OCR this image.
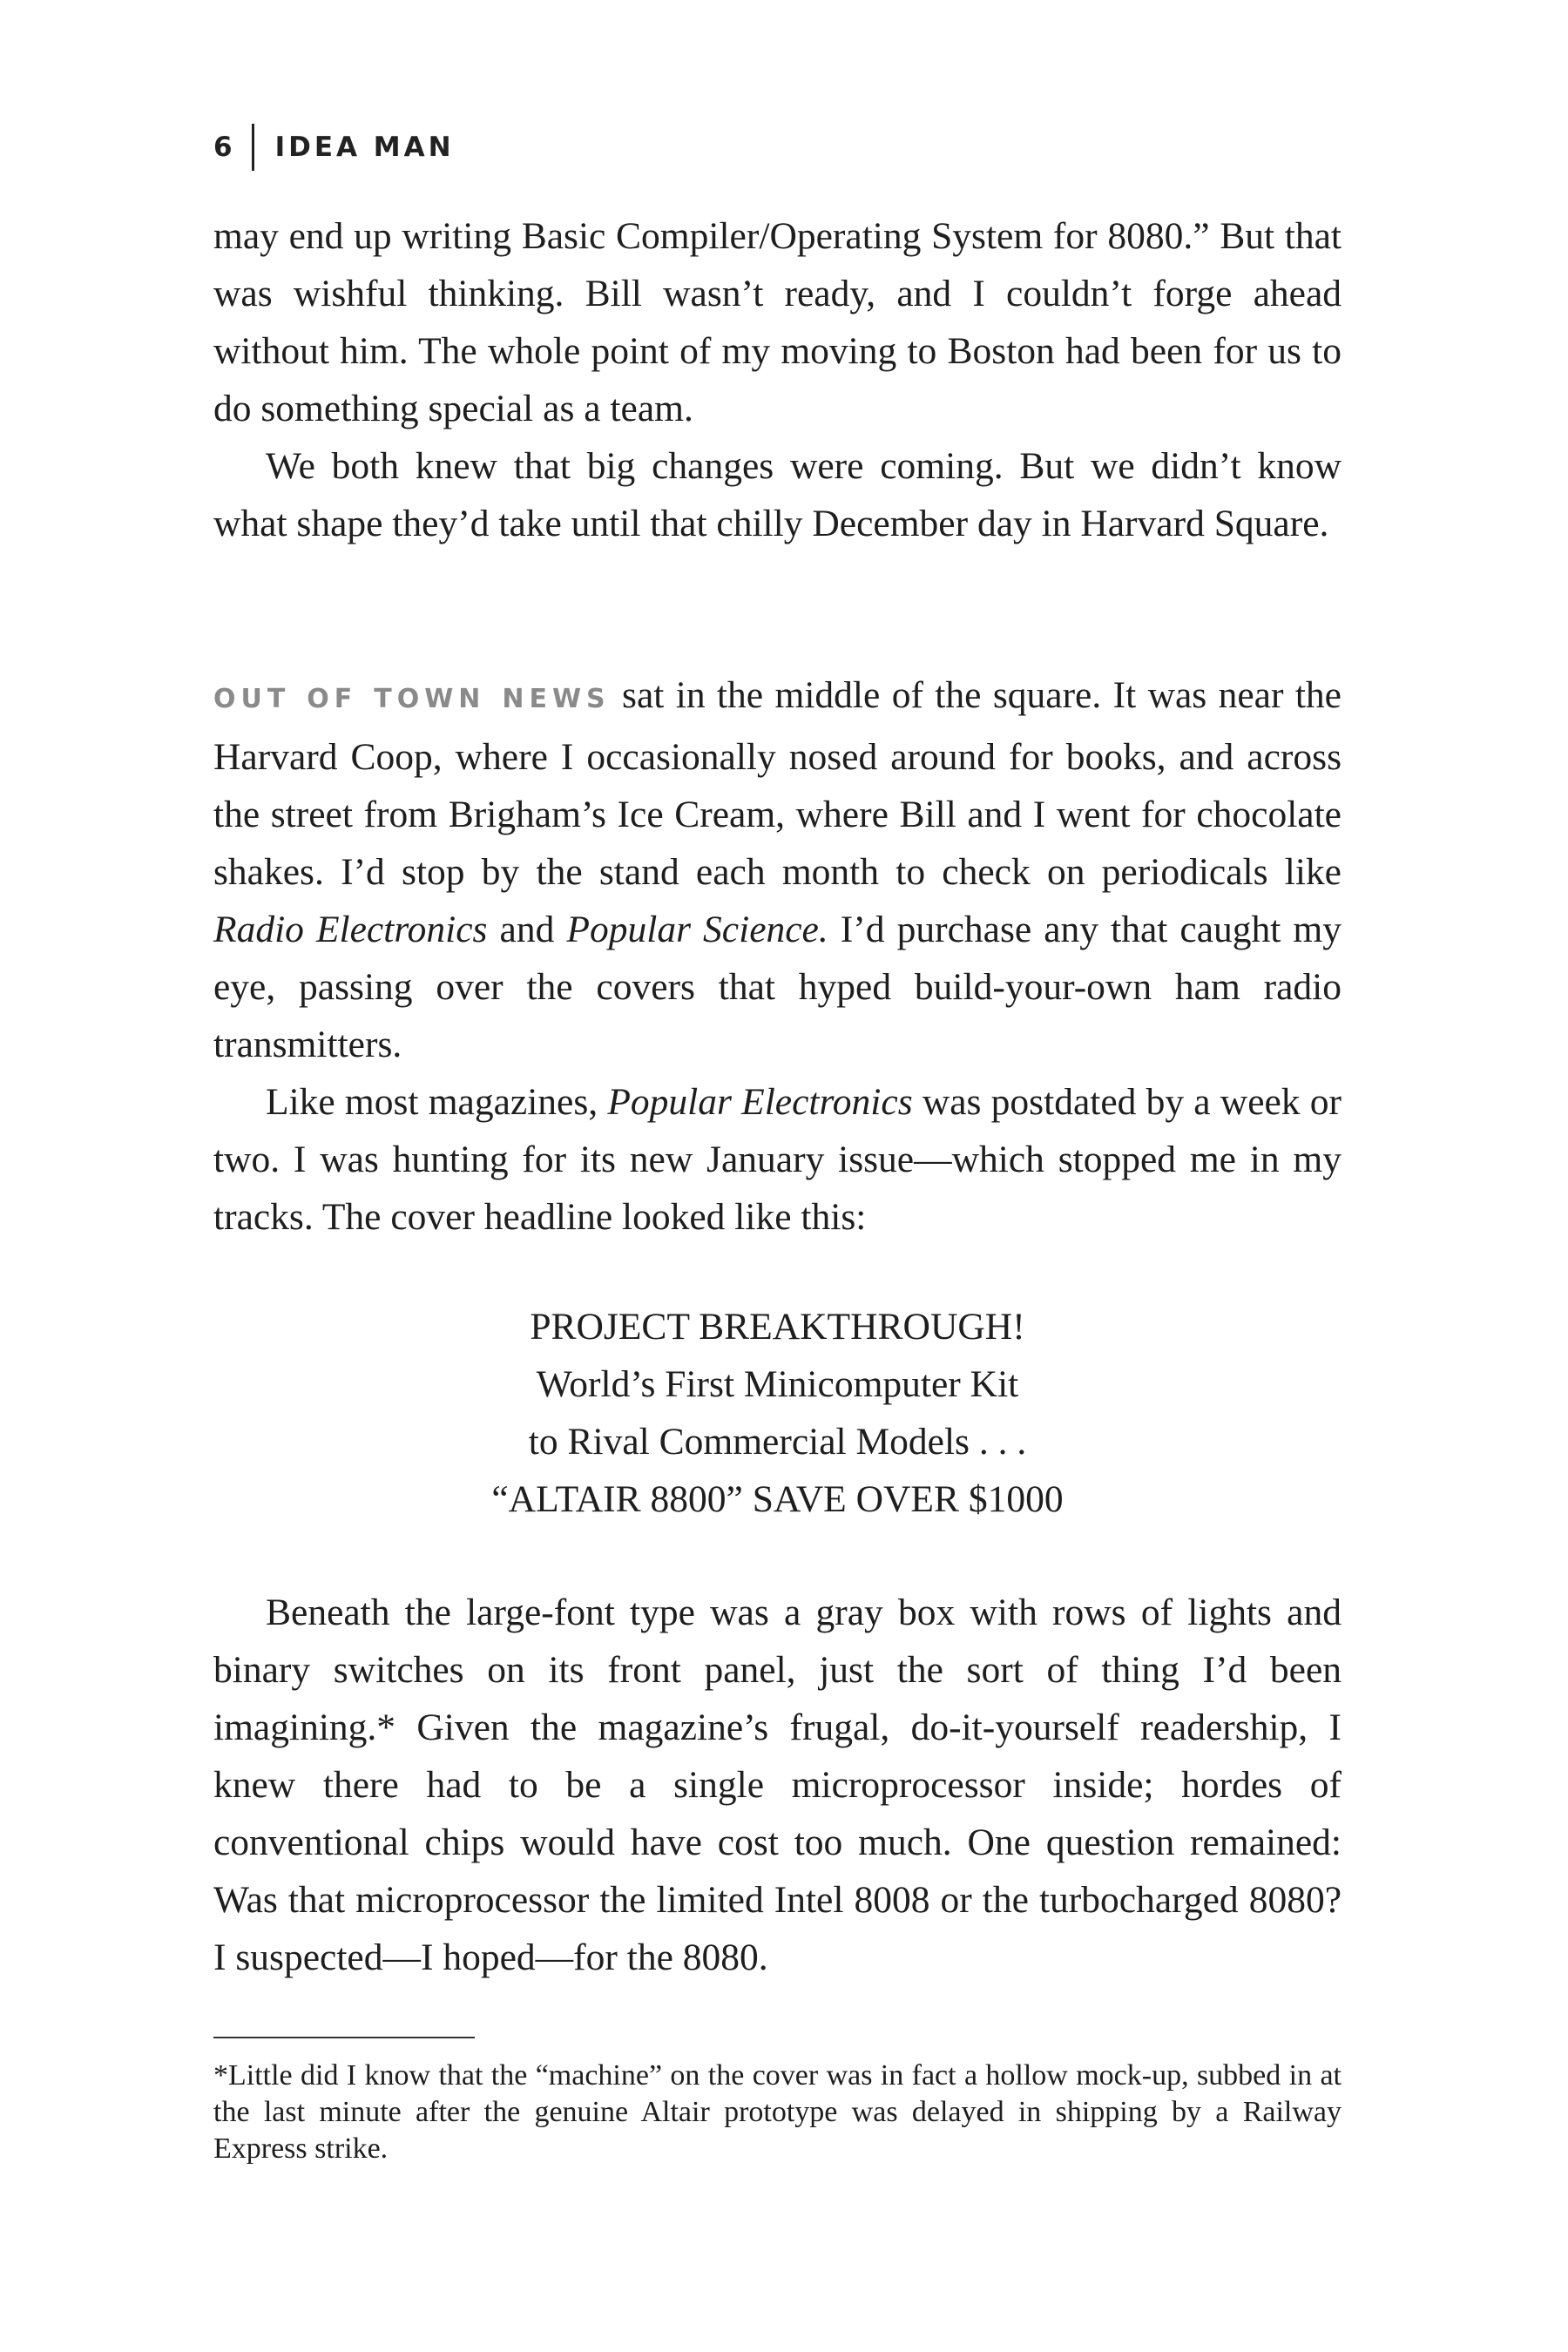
6 IDEA MAN

may end up writing Basic Compiler/Operating System for 8080.” But that was wishful thinking. Bill wasn’t ready, and I couldn’t forge ahead without him. The whole point of my moving to Boston had been for us to do something special as a team.

We both knew that big changes were coming. But we didn’t know what shape they’d take until that chilly December day in Harvard Square.

OUT OF TOWN NEWS sat in the middle of the square. It was near the Harvard Coop, where I occasionally nosed around for books, and across the street from Brigham’s Ice Cream, where Bill and I went for chocolate shakes. I’d stop by the stand each month to check on periodicals like Radio Electronics and Popular Science. I’d purchase any that caught my eye, passing over the covers that hyped build-your-own ham radio transmitters.

Like most magazines, Popular Electronics was postdated by a week or two. I was hunting for its new January issue—which stopped me in my tracks. The cover headline looked like this:

PROJECT BREAKTHROUGH!
World’s First Minicomputer Kit
to Rival Commercial Models . . .
“ALTAIR 8800” SAVE OVER $1000

Beneath the large-font type was a gray box with rows of lights and binary switches on its front panel, just the sort of thing I’d been imagining.* Given the magazine’s frugal, do-it-yourself readership, I knew there had to be a single microprocessor inside; hordes of conventional chips would have cost too much. One question remained: Was that microprocessor the limited Intel 8008 or the turbocharged 8080? I suspected—I hoped—for the 8080.

*Little did I know that the “machine” on the cover was in fact a hollow mock-up, subbed in at the last minute after the genuine Altair prototype was delayed in shipping by a Railway Express strike.
